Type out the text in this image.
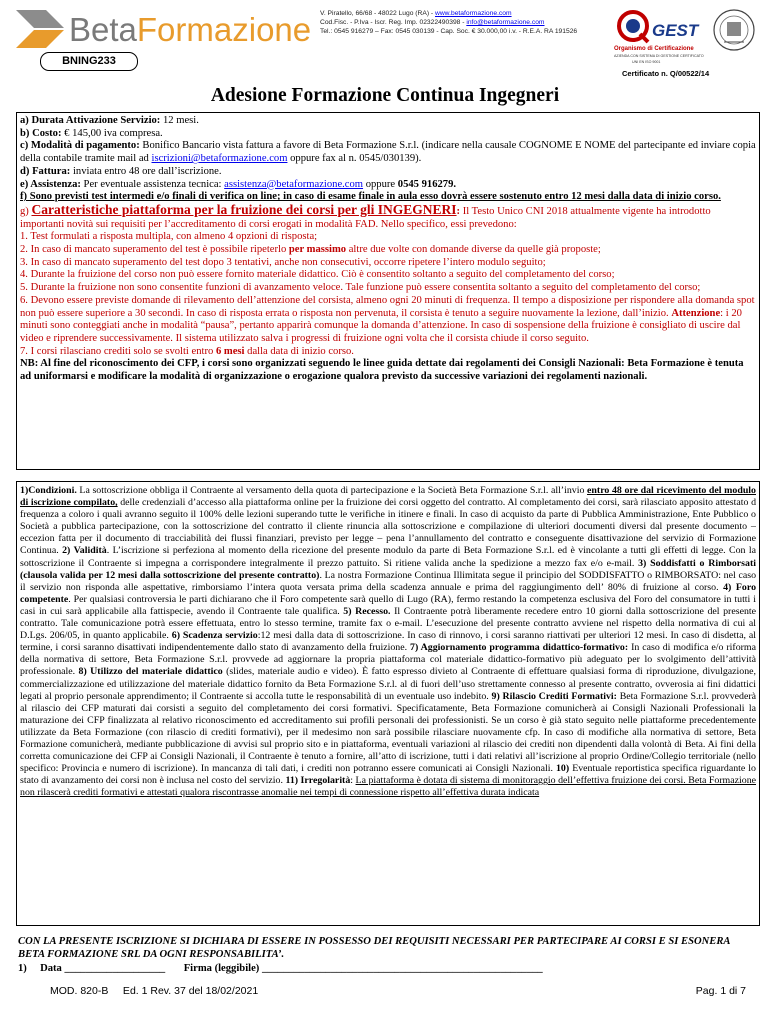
BetaFormazione
BNING233
V. Piratello, 66/68 - 48022 Lugo (RA) - www.betaformazione.com
Cod.Fisc. - P.Iva - Iscr. Reg. Imp. 02322490398 - info@betaformazione.com
Tel.: 0545 916279 – Fax: 0545 030139 - Cap. Soc. € 30.000,00 i.v. - R.E.A. RA 191526	GEST
Organismo di Certificazione
AZIENDA CON SISTEMA DI GESTIONE CERTIFICATO
UNI EN ISO 9001
Certificato n. Q/00522/14
Adesione Formazione Continua Ingegneri

a) Durata Attivazione Servizio: 12 mesi.

b) Costo: € 145,00 iva compresa.

c) Modalità di pagamento: Bonifico Bancario vista fattura a favore di Beta Formazione S.r.l. (indicare nella causale COGNOME E NOME del partecipante ed inviare copia della contabile tramite mail ad iscrizioni@betaformazione.com oppure fax al n. 0545/030139).

d) Fattura: inviata entro 48 ore dall’iscrizione.

e) Assistenza: Per eventuale assistenza tecnica: assistenza@betaformazione.com oppure 0545 916279.

f) Sono previsti test intermedi e/o finali di verifica on line; in caso di esame finale in aula esso dovrà essere sostenuto entro 12 mesi dalla data di inizio corso.

g) Caratteristiche piattaforma per la fruizione dei corsi per gli INGEGNERI: Il Testo Unico CNI 2018 attualmente vigente ha introdotto importanti novità sui requisiti per l’accreditamento di corsi erogati in modalità FAD. Nello specifico, essi prevedono:

1. Test formulati a risposta multipla, con almeno 4 opzioni di risposta;

2. In caso di mancato superamento del test è possibile ripeterlo per massimo altre due volte con domande diverse da quelle già proposte;

3. In caso di mancato superamento del test dopo 3 tentativi, anche non consecutivi, occorre ripetere l’intero modulo seguito;

4. Durante la fruizione del corso non può essere fornito materiale didattico. Ciò è consentito soltanto a seguito del completamento del corso;

5. Durante la fruizione non sono consentite funzioni di avanzamento veloce. Tale funzione può essere consentita soltanto a seguito del completamento del corso;

6. Devono essere previste domande di rilevamento dell’attenzione del corsista, almeno ogni 20 minuti di frequenza. Il tempo a disposizione per rispondere alla domanda spot non può essere superiore a 30 secondi. In caso di risposta errata o risposta non pervenuta, il corsista è tenuto a seguire nuovamente la lezione, dall’inizio. Attenzione: i 20 minuti sono conteggiati anche in modalità “pausa”, pertanto apparirà comunque la domanda d’attenzione. In caso di sospensione della fruizione è consigliato di uscire dal video e riprendere successivamente. Il sistema utilizzato salva i progressi di fruizione ogni volta che il corsista chiude il corso seguito.

7. I corsi rilasciano crediti solo se svolti entro 6 mesi dalla data di inizio corso.

NB: Al fine del riconoscimento dei CFP, i corsi sono organizzati seguendo le linee guida dettate dai regolamenti dei Consigli Nazionali: Beta Formazione è tenuta ad uniformarsi e modificare la modalità di organizzazione o erogazione qualora previsto da successive variazioni dei regolamenti nazionali.

1)Condizioni. La sottoscrizione obbliga il Contraente al versamento della quota di partecipazione e la Società Beta Formazione S.r.l. all’invio entro 48 ore dal ricevimento del modulo di iscrizione compilato, delle credenziali d’accesso alla piattaforma online per la fruizione dei corsi oggetto del contratto. Al completamento dei corsi, sarà rilasciato apposito attestato d frequenza a coloro i quali avranno seguito il 100% delle lezioni superando tutte le verifiche in itinere e finali. In caso di acquisto da parte di Pubblica Amministrazione, Ente Pubblico o Società a pubblica partecipazione, con la sottoscrizione del contratto il cliente rinuncia alla sottoscrizione e compilazione di ulteriori documenti diversi dal presente documento – eccezion fatta per il documento di tracciabilità dei flussi finanziari, previsto per legge – pena l’annullamento del contratto e conseguente disattivazione del servizio di Formazione Continua. 2) Validità. L’iscrizione si perfeziona al momento della ricezione del presente modulo da parte di Beta Formazione S.r.l. ed è vincolante a tutti gli effetti di legge. Con la sottoscrizione il Contraente si impegna a corrispondere integralmente il prezzo pattuito. Si ritiene valida anche la spedizione a mezzo fax e/o e-mail. 3) Soddisfatti o Rimborsati (clausola valida per 12 mesi dalla sottoscrizione del presente contratto). La nostra Formazione Continua Illimitata segue il principio del SODDISFATTO o RIMBORSATO: nel caso il servizio non risponda alle aspettative, rimborsiamo l’intera quota versata prima della scadenza annuale e prima del raggiungimento dell’ 80% di fruizione al corso. 4) Foro competente. Per qualsiasi controversia le parti dichiarano che il Foro competente sarà quello di Lugo (RA), fermo restando la competenza esclusiva del Foro del consumatore in tutti i casi in cui sarà applicabile alla fattispecie, avendo il Contraente tale qualifica. 5) Recesso. Il Contraente potrà liberamente recedere entro 10 giorni dalla sottoscrizione del presente contratto. Tale comunicazione potrà essere effettuata, entro lo stesso termine, tramite fax o e-mail. L’esecuzione del presente contratto avviene nel rispetto della normativa di cui al D.Lgs. 206/05, in quanto applicabile. 6) Scadenza servizio:12 mesi dalla data di sottoscrizione. In caso di rinnovo, i corsi saranno riattivati per ulteriori 12 mesi. In caso di disdetta, al termine, i corsi saranno disattivati indipendentemente dallo stato di avanzamento della fruizione. 7) Aggiornamento programma didattico-formativo: In caso di modifica e/o riforma della normativa di settore, Beta Formazione S.r.l. provvede ad aggiornare la propria piattaforma col materiale didattico-formativo più adeguato per lo svolgimento dell’attività professionale. 8) Utilizzo del materiale didattico (slides, materiale audio e video). È fatto espresso divieto al Contraente di effettuare qualsiasi forma di riproduzione, divulgazione, commercializzazione ed utilizzazione del materiale didattico fornito da Beta Formazione S.r.l. al di fuori dell’uso strettamente connesso al presente contratto, ovverosia ai fini didattici legati al proprio personale apprendimento; il Contraente si accolla tutte le responsabilità di un eventuale uso indebito. 9) Rilascio Crediti Formativi: Beta Formazione S.r.l. provvederà al rilascio dei CFP maturati dai corsisti a seguito del completamento dei corsi formativi. Specificatamente, Beta Formazione comunicherà ai Consigli Nazionali Professionali la maturazione dei CFP finalizzata al relativo riconoscimento ed accreditamento sui profili personali dei professionisti. Se un corso è già stato seguito nelle piattaforme precedentemente utilizzate da Beta Formazione (con rilascio di crediti formativi), per il medesimo non sarà possibile rilasciare nuovamente cfp. In caso di modifiche alla normativa di settore, Beta Formazione comunicherà, mediante pubblicazione di avvisi sul proprio sito e in piattaforma, eventuali variazioni al rilascio dei crediti non dipendenti dalla volontà di Beta. Ai fini della corretta comunicazione dei CFP ai Consigli Nazionali, il Contraente è tenuto a fornire, all’atto di iscrizione, tutti i dati relativi all’iscrizione al proprio Ordine/Collegio territoriale (nello specifico: Provincia e numero di iscrizione). In mancanza di tali dati, i crediti non potranno essere comunicati ai Consigli Nazionali. 10) Eventuale reportistica specifica riguardante lo stato di avanzamento dei corsi non è inclusa nel costo del servizio. 11) Irregolarità: La piattaforma è dotata di sistema di monitoraggio dell’effettiva fruizione dei corsi. Beta Formazione non rilascerà crediti formativi e attestati qualora riscontrasse anomalie nei tempi di connessione rispetto all’effettiva durata indicata

CON LA PRESENTE ISCRIZIONE SI DICHIARA DI ESSERE IN POSSESSO DEI REQUISITI NECESSARI PER PARTECIPARE AI CORSI E SI ESONERA BETA FORMAZIONE SRL DA OGNI RESPONSABILITA’.
1) Data ___________________ Firma (leggibile) _____________________________________________________
MOD. 820-B     Ed. 1 Rev. 37 del 18/02/2021	Pag. 1 di 7
